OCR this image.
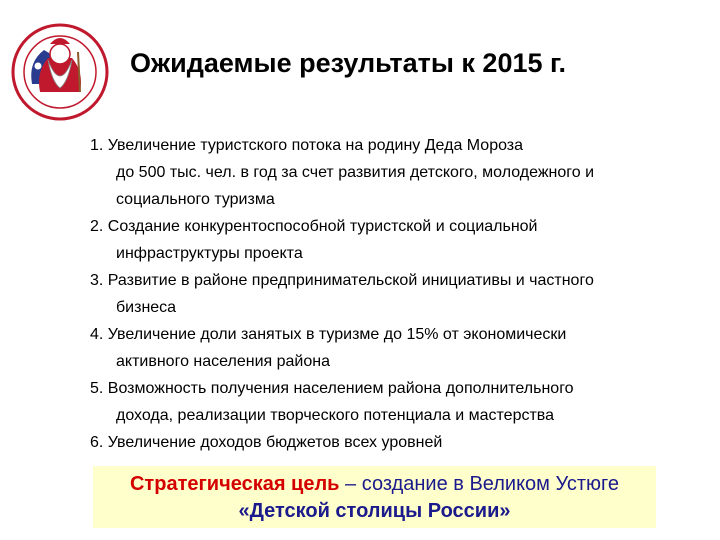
Ожидаемые результаты к 2015 г.
1. Увеличение туристского потока на родину Деда Мороза
до 500 тыс. чел. в год за счет развития детского, молодежного и
социального туризма
2. Создание конкурентоспособной туристской и социальной
инфраструктуры проекта
3. Развитие в районе предпринимательской инициативы и частного
бизнеса
4. Увеличение доли занятых в туризме до 15% от экономически
активного населения района
5. Возможность получения населением района дополнительного
дохода, реализации творческого потенциала и мастерства
6. Увеличение доходов бюджетов всех уровней
Стратегическая цель – создание в Великом Устюге
«Детской столицы России»
